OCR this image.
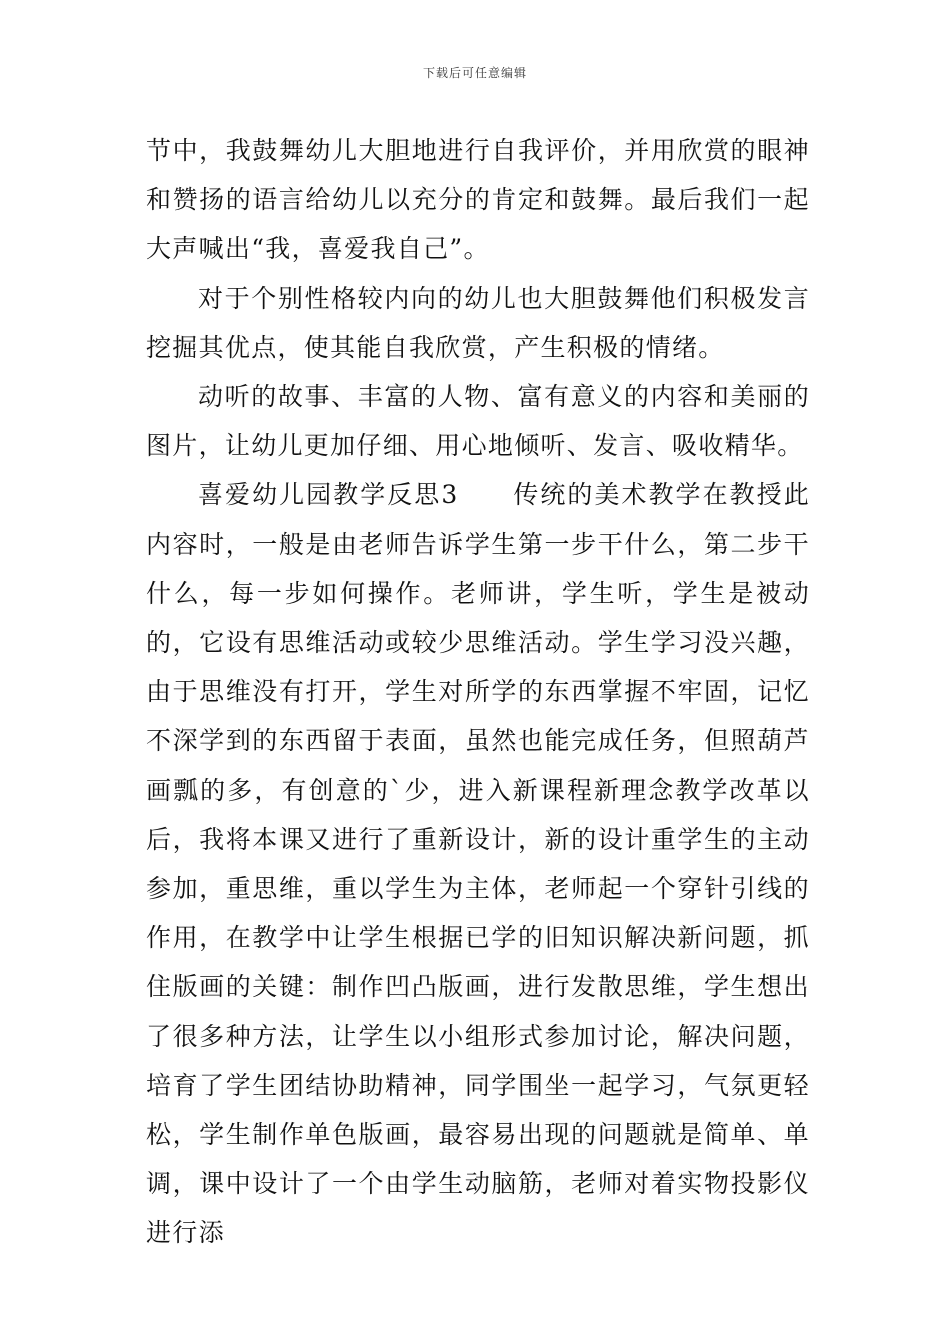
下载后可任意编辑

节中，我鼓舞幼儿大胆地进行自我评价，并用欣赏的眼神和赞扬的语言给幼儿以充分的肯定和鼓舞。最后我们一起大声喊出“我，喜爱我自己”。

对于个别性格较内向的幼儿也大胆鼓舞他们积极发言挖掘其优点，使其能自我欣赏，产生积极的情绪。

动听的故事、丰富的人物、富有意义的内容和美丽的图片，让幼儿更加仔细、用心地倾听、发言、吸收精华。

喜爱幼儿园教学反思3　　传统的美术教学在教授此内容时，一般是由老师告诉学生第一步干什么，第二步干什么，每一步如何操作。老师讲，学生听，学生是被动的，它设有思维活动或较少思维活动。学生学习没兴趣，由于思维没有打开，学生对所学的东西掌握不牢固，记忆不深学到的东西留于表面，虽然也能完成任务，但照葫芦画瓢的多，有创意的`少，进入新课程新理念教学改革以后，我将本课又进行了重新设计，新的设计重学生的主动参加，重思维，重以学生为主体，老师起一个穿针引线的作用，在教学中让学生根据已学的旧知识解决新问题，抓住版画的关键：制作凹凸版画，进行发散思维，学生想出了很多种方法，让学生以小组形式参加讨论，解决问题，培育了学生团结协助精神，同学围坐一起学习，气氛更轻松，学生制作单色版画，最容易出现的问题就是简单、单调，课中设计了一个由学生动脑筋，老师对着实物投影仪进行添
